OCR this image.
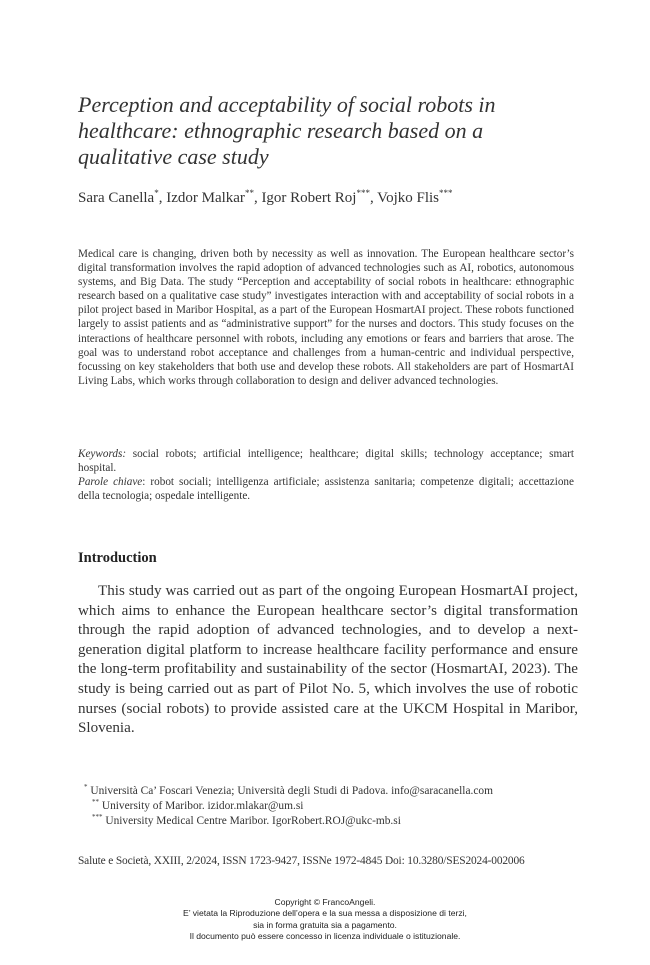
Perception and acceptability of social robots in healthcare: ethnographic research based on a qualitative case study
Sara Canella*, Izdor Malkar**, Igor Robert Roj***, Vojko Flis***

Medical care is changing, driven both by necessity as well as innovation. The European healthcare sector’s digital transformation involves the rapid adoption of advanced technologies such as AI, robotics, autonomous systems, and Big Data. The study “Perception and acceptability of social robots in healthcare: ethnographic research based on a qualitative case study” investigates interaction with and acceptability of social robots in a pilot project based in Maribor Hospital, as a part of the European HosmartAI project. These robots functioned largely to assist patients and as “administrative support” for the nurses and doctors. This study focuses on the interactions of healthcare personnel with robots, including any emotions or fears and barriers that arose. The goal was to understand robot acceptance and challenges from a human-centric and individual perspective, focussing on key stakeholders that both use and develop these robots. All stakeholders are part of HosmartAI Living Labs, which works through collaboration to design and deliver advanced technologies.

Keywords: social robots; artificial intelligence; healthcare; digital skills; technology acceptance; smart hospital.

Parole chiave: robot sociali; intelligenza artificiale; assistenza sanitaria; competenze digitali; accettazione della tecnologia; ospedale intelligente.

Introduction

This study was carried out as part of the ongoing European HosmartAI project, which aims to enhance the European healthcare sector’s digital transformation through the rapid adoption of advanced technologies, and to develop a next-generation digital platform to increase healthcare facility performance and ensure the long-term profitability and sustainability of the sector (HosmartAI, 2023). The study is being carried out as part of Pilot No. 5, which involves the use of robotic nurses (social robots) to provide assisted care at the UKCM Hospital in Maribor, Slovenia.

* Università Ca’ Foscari Venezia; Università degli Studi di Padova. info@saracanella.com

** University of Maribor. izidor.mlakar@um.si

*** University Medical Centre Maribor. IgorRobert.ROJ@ukc-mb.si

Salute e Società, XXIII, 2/2024, ISSN 1723-9427, ISSNe 1972-4845 Doi: 10.3280/SES2024-002006

Copyright © FrancoAngeli.

E’ vietata la Riproduzione dell’opera e la sua messa a disposizione di terzi,

sia in forma gratuita sia a pagamento.

Il documento può essere concesso in licenza individuale o istituzionale.
